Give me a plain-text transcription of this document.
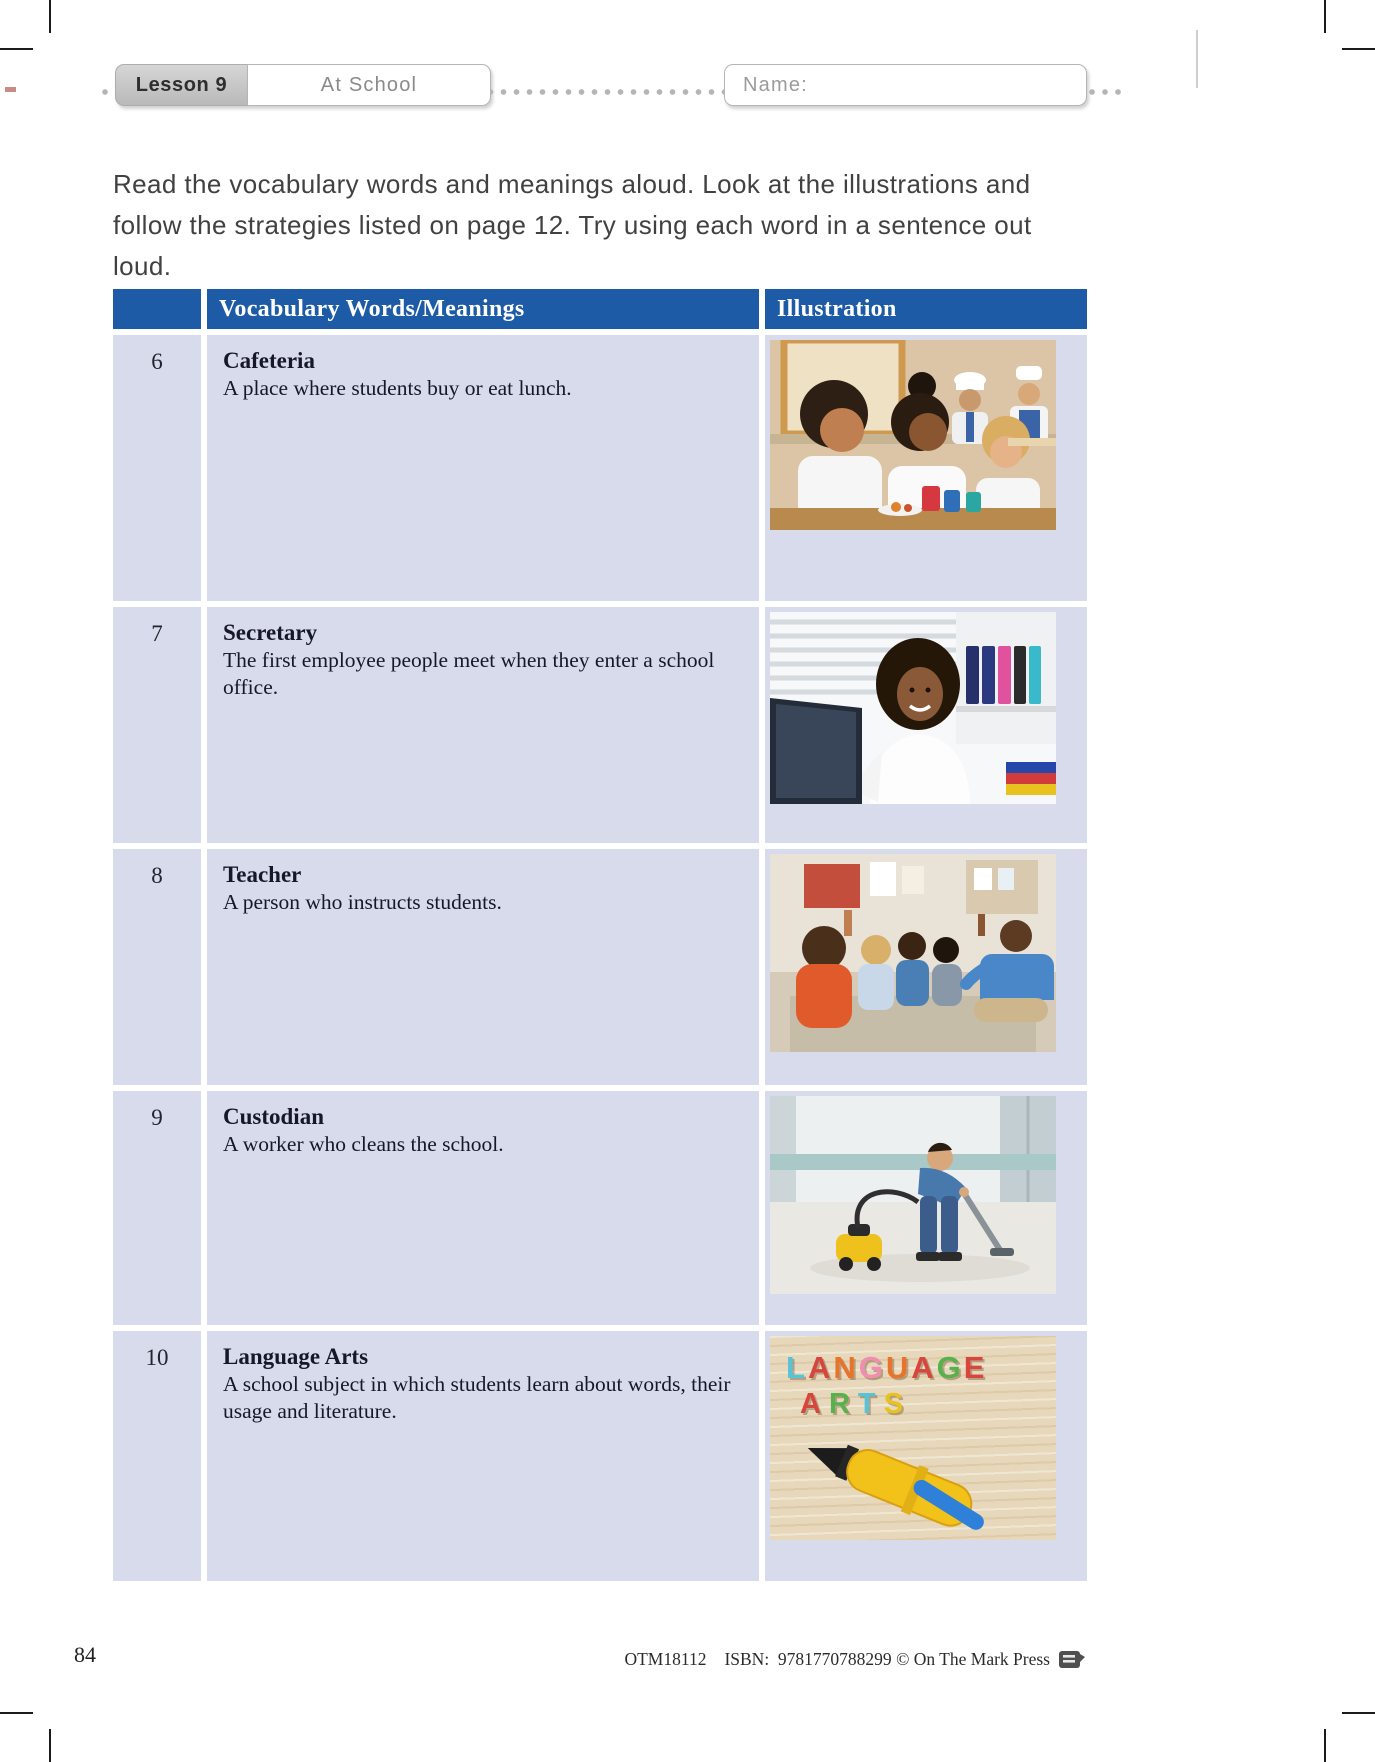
Lesson 9	At School	Name:

Read the vocabulary words and meanings aloud. Look at the illustrations and follow the strategies listed on page 12. Try using each word in a sentence out loud.

Vocabulary Words/Meanings	Illustration
6	Cafeteria
A place where students buy or eat lunch.
7	Secretary
The first employee people meet when they enter a school office.
8	Teacher
A person who instructs students.
9	Custodian
A worker who cleans the school.
10	Language Arts
A school subject in which students learn about words, their usage and literature.
LANGUAGE
ARTS
84	OTM18112 ISBN:  9781770788299
© On The Mark Press
